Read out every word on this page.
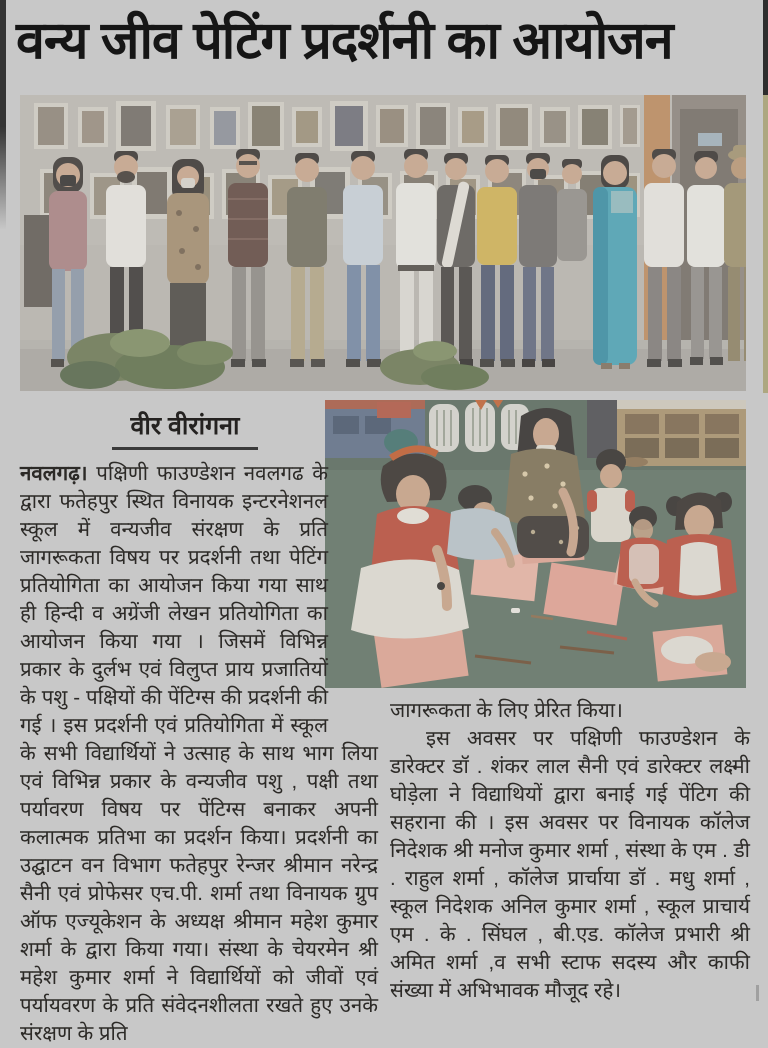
वन्य जीव पेटिंग प्रदर्शनी का आयोजन
वीर वीरांगना

नवलगढ़। पक्षिणी फाउण्डेशन नवलगढ के द्वारा फतेहपुर स्थित विनायक इन्टरनेशनल स्कूल में वन्यजीव संरक्षण के प्रति जागरूकता विषय पर प्रदर्शनी तथा पेटिंग प्रतियोगिता का आयोजन किया गया साथ ही हिन्दी व अग्रेंजी लेखन प्रतियोगिता का आयोजन किया गया । जिसमें विभिन्न प्रकार के दुर्लभ एवं विलुप्त प्राय प्रजातियों के पशु - पक्षियों की पेंटिग्स की प्रदर्शनी की गई । इस प्रदर्शनी एवं प्रतियोगिता में स्कूल के सभी विद्यार्थियों ने उत्साह के साथ भाग लिया एवं विभिन्न प्रकार के वन्यजीव पशु , पक्षी तथा पर्यावरण विषय पर पेंटिग्स बनाकर अपनी कलात्मक प्रतिभा का प्रदर्शन किया। प्रदर्शनी का उद्घाटन वन विभाग फतेहपुर रेन्जर श्रीमान नरेन्द्र सैनी एवं प्रोफेसर एच.पी. शर्मा तथा विनायक ग्रुप ऑफ एज्यूकेशन के अध्यक्ष श्रीमान महेश कुमार शर्मा के द्वारा किया गया। संस्था के चेयरमेन श्री महेश कुमार शर्मा ने विद्यार्थियों को जीवों एवं पर्यायवरण के प्रति संवेदनशीलता रखते हुए उनके संरक्षण के प्रति

जागरूकता के लिए प्रेरित किया।

इस अवसर पर पक्षिणी फाउण्डेशन के डारेक्टर डॉ . शंकर लाल सैनी एवं डारेक्टर लक्ष्मी घोड़ेला ने विद्याथियों द्वारा बनाई गई पेंटिग की सहराना की । इस अवसर पर विनायक कॉलेज निदेशक श्री मनोज कुमार शर्मा , संस्था के एम . डी . राहुल शर्मा , कॉलेज प्रार्चाया डॉ . मधु शर्मा , स्कूल निदेशक अनिल कुमार शर्मा , स्कूल प्राचार्य एम . के . सिंघल , बी.एड. कॉलेज प्रभारी श्री अमित शर्मा ,व सभी स्टाफ सदस्य और काफी संख्या में अभिभावक मौजूद रहे।
